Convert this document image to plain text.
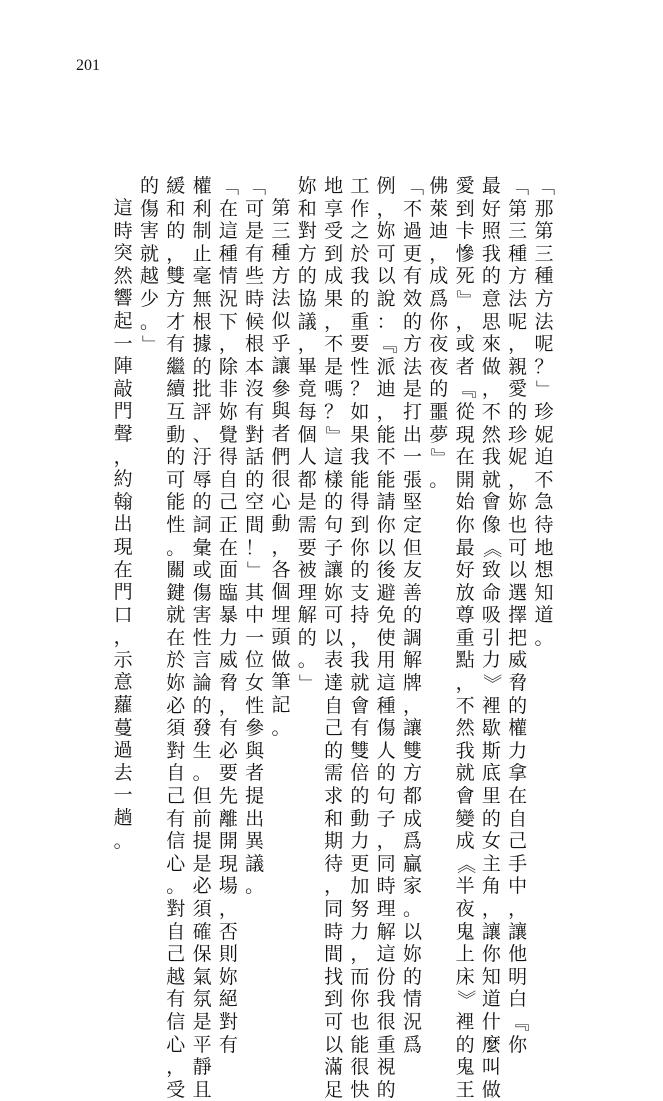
201
「
那
第
三
種
方
法
呢
？
」
珍
妮
迫
不
急
待
地
想
知
道
。
「
第
三
種
方
法
呢
，
親
愛
的
珍
妮
，
妳
也
可
以
選
擇
把
威
脅
的
權
力
拿
在
自
己
手
中
，
讓
他
明
白
『
你
最
好
照
我
的
意
思
來
做
，
不
然
我
就
會
像
《
致
命
吸
引
力
》
裡
歇
斯
底
里
的
女
主
角
，
讓
你
知
道
什
麼
叫
做
愛
到
卡
慘
死
』
，
或
者
『
從
現
在
開
始
你
最
好
放
尊
重
點
，
不
然
我
就
會
變
成
《
半
夜
鬼
上
床
》
裡
的
鬼
王
佛
萊
迪
，
成
爲
你
夜
夜
的
噩
夢
』
。
「
不
過
更
有
效
的
方
法
是
打
出
一
張
堅
定
但
友
善
的
調
解
牌
，
讓
雙
方
都
成
爲
贏
家
。
以
妳
的
情
況
爲
例
，
妳
可
以
說
：
『
派
迪
，
能
不
能
請
你
以
後
避
免
使
用
這
種
傷
人
的
句
子
，
同
時
理
解
這
份
我
很
重
視
的
工
作
之
於
我
的
重
要
性
？
如
果
我
能
得
到
你
的
支
持
，
我
就
會
有
雙
倍
的
動
力
更
加
努
力
，
而
你
也
能
很
快
地
享
受
到
成
果
，
不
是
嗎
？
』
這
樣
的
句
子
讓
妳
可
以
表
達
自
己
的
需
求
和
期
待
，
同
時
間
找
到
可
以
滿
足
妳
和
對
方
的
協
議
，
畢
竟
每
個
人
都
是
需
要
被
理
解
的
。
」
第
三
種
方
法
似
乎
讓
參
與
者
們
很
心
動
，
各
個
埋
頭
做
筆
記
。
「
可
是
有
些
時
候
根
本
沒
有
對
話
的
空
間
！
」
其
中
一
位
女
性
參
與
者
提
出
異
議
。
「
在
這
種
情
況
下
，
除
非
妳
覺
得
自
己
正
在
面
臨
暴
力
威
脅
，
有
必
要
先
離
開
現
場
，
否
則
妳
絕
對
有
權
利
制
止
毫
無
根
據
的
批
評
、
汙
辱
的
詞
彙
或
傷
害
性
言
論
的
發
生
。
但
前
提
是
必
須
確
保
氣
氛
是
平
靜
且
緩
和
的
，
雙
方
才
有
繼
續
互
動
的
可
能
性
。
關
鍵
就
在
於
妳
必
須
對
自
己
有
信
心
。
對
自
己
越
有
信
心
，
受
的
傷
害
就
越
少
。
」
這
時
突
然
響
起
一
陣
敲
門
聲
，
約
翰
出
現
在
門
口
，
示
意
蘿
蔓
過
去
一
趟
。
